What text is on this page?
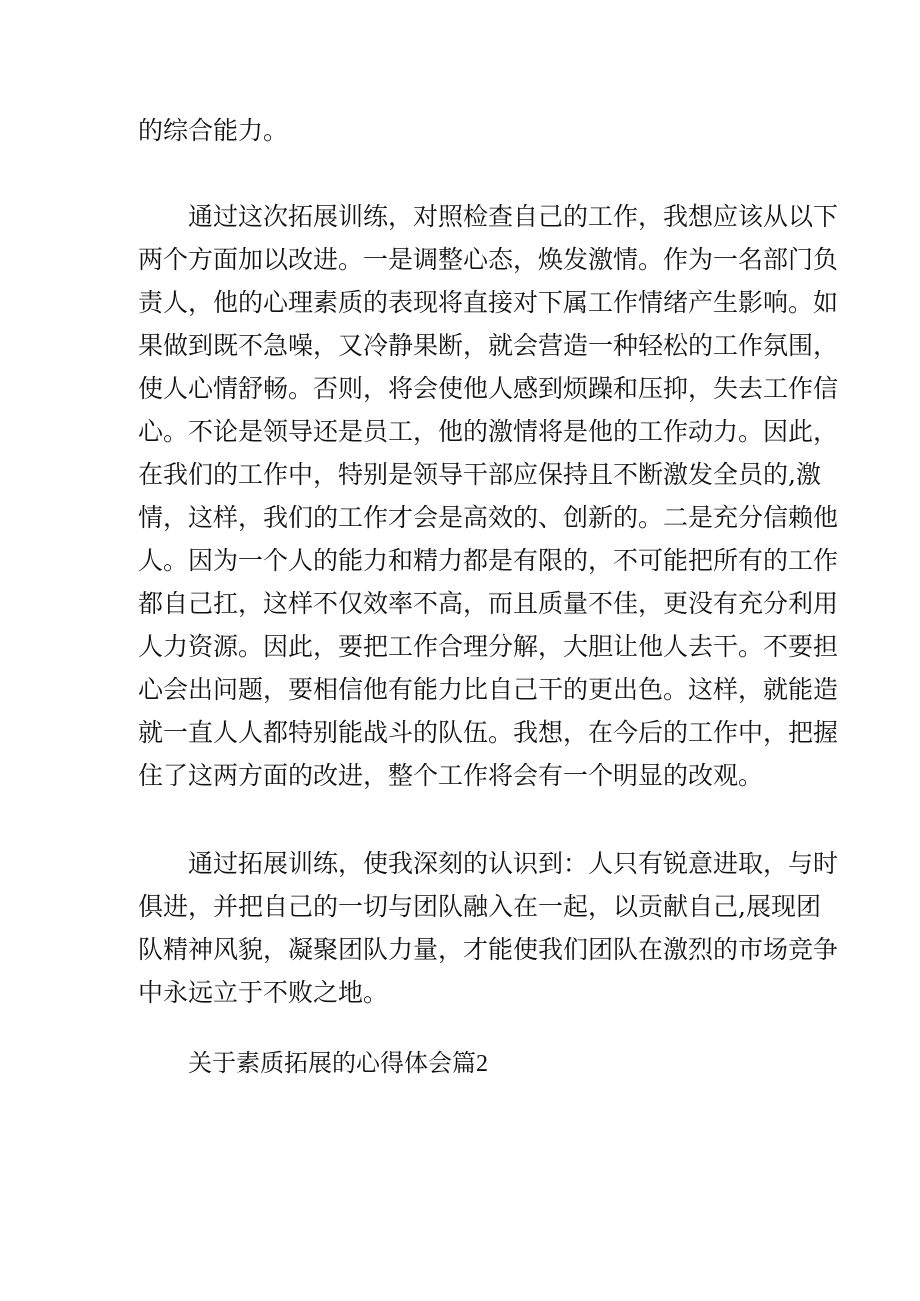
的综合能力。
通过这次拓展训练，对照检查自己的工作，我想应该从以下
两个方面加以改进。一是调整心态，焕发激情。作为一名部门负
责人，他的心理素质的表现将直接对下属工作情绪产生影响。如
果做到既不急噪，又冷静果断，就会营造一种轻松的工作氛围，
使人心情舒畅。否则，将会使他人感到烦躁和压抑，失去工作信
心。不论是领导还是员工，他的激情将是他的工作动力。因此，
在我们的工作中，特别是领导干部应保持且不断激发全员的,激
情，这样，我们的工作才会是高效的、创新的。二是充分信赖他
人。因为一个人的能力和精力都是有限的，不可能把所有的工作
都自己扛，这样不仅效率不高，而且质量不佳，更没有充分利用
人力资源。因此，要把工作合理分解，大胆让他人去干。不要担
心会出问题，要相信他有能力比自己干的更出色。这样，就能造
就一直人人都特别能战斗的队伍。我想，在今后的工作中，把握
住了这两方面的改进，整个工作将会有一个明显的改观。
通过拓展训练，使我深刻的认识到：人只有锐意进取，与时
俱进，并把自己的一切与团队融入在一起，以贡献自己,展现团
队精神风貌，凝聚团队力量，才能使我们团队在激烈的市场竞争
中永远立于不败之地。
关于素质拓展的心得体会篇2
